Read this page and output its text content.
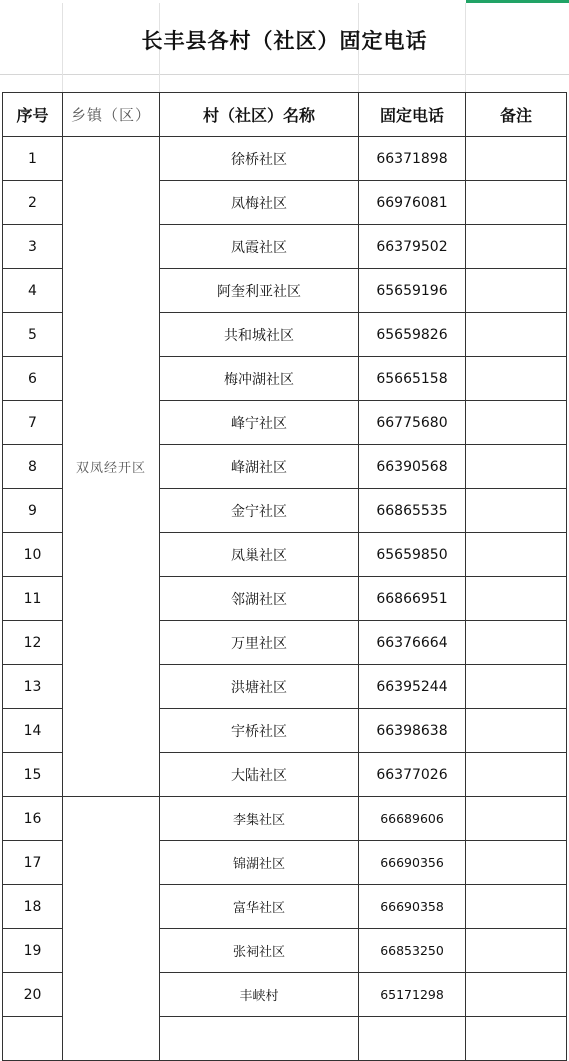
长丰县各村（社区）固定电话
序号	乡镇（区）	村（社区）名称	固定电话	备注
1	双凤经开区	徐桥社区	66371898	
2		凤梅社区	66976081	
3		凤霞社区	66379502	
4		阿奎利亚社区	65659196	
5		共和城社区	65659826	
6		梅冲湖社区	65665158	
7		峰宁社区	66775680	
8		峰湖社区	66390568	
9		金宁社区	66865535	
10		凤巢社区	65659850	
11		邻湖社区	66866951	
12		万里社区	66376664	
13		洪塘社区	66395244	
14		宇桥社区	66398638	
15		大陆社区	66377026	
16		李集社区	66689606	
17		锦湖社区	66690356	
18		富华社区	66690358	
19		张祠社区	66853250	
20		丰峡村	65171298	
